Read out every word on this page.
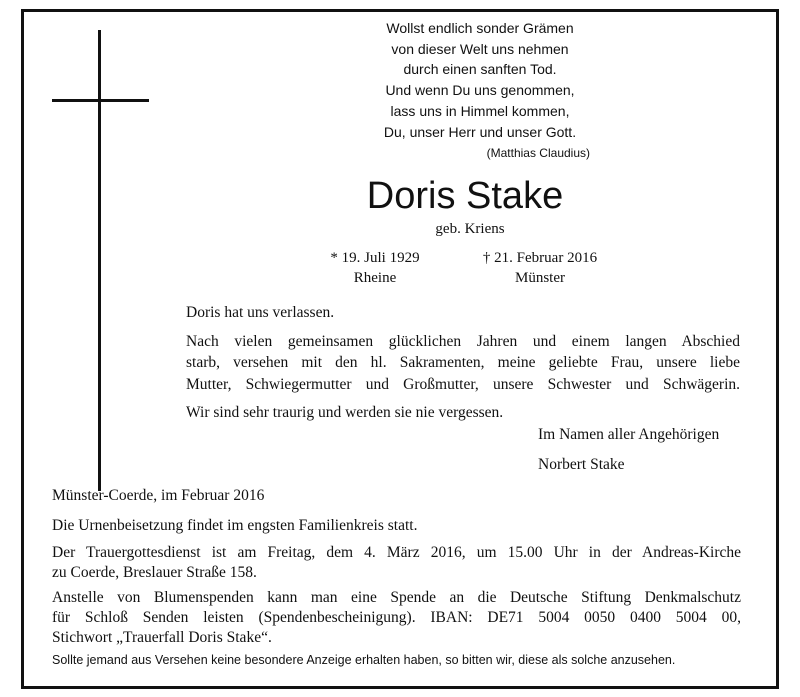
Wollst endlich sonder Grämen
von dieser Welt uns nehmen
durch einen sanften Tod.
Und wenn Du uns genommen,
lass uns in Himmel kommen,
Du, unser Herr und unser Gott.
(Matthias Claudius)
Doris Stake
geb. Kriens
* 19. Juli 1929
Rheine
† 21. Februar 2016
Münster

Doris hat uns verlassen.

Nach vielen gemeinsamen glücklichen Jahren und einem langen Abschied

starb, versehen mit den hl. Sakramenten, meine geliebte Frau, unsere liebe

Mutter, Schwiegermutter und Großmutter, unsere Schwester und Schwägerin.

Wir sind sehr traurig und werden sie nie vergessen.

Im Namen aller Angehörigen
Norbert Stake
Münster-Coerde, im Februar 2016
Die Urnenbeisetzung findet im engsten Familienkreis statt.
Der Trauergottesdienst ist am Freitag, dem 4. März 2016, um 15.00 Uhr in der Andreas-Kirche
zu Coerde, Breslauer Straße 158.
Anstelle von Blumenspenden kann man eine Spende an die Deutsche Stiftung Denkmalschutz
für Schloß Senden leisten (Spendenbescheinigung). IBAN: DE71 5004 0050 0400 5004 00,
Stichwort „Trauerfall Doris Stake“.
Sollte jemand aus Versehen keine besondere Anzeige erhalten haben, so bitten wir, diese als solche anzusehen.
